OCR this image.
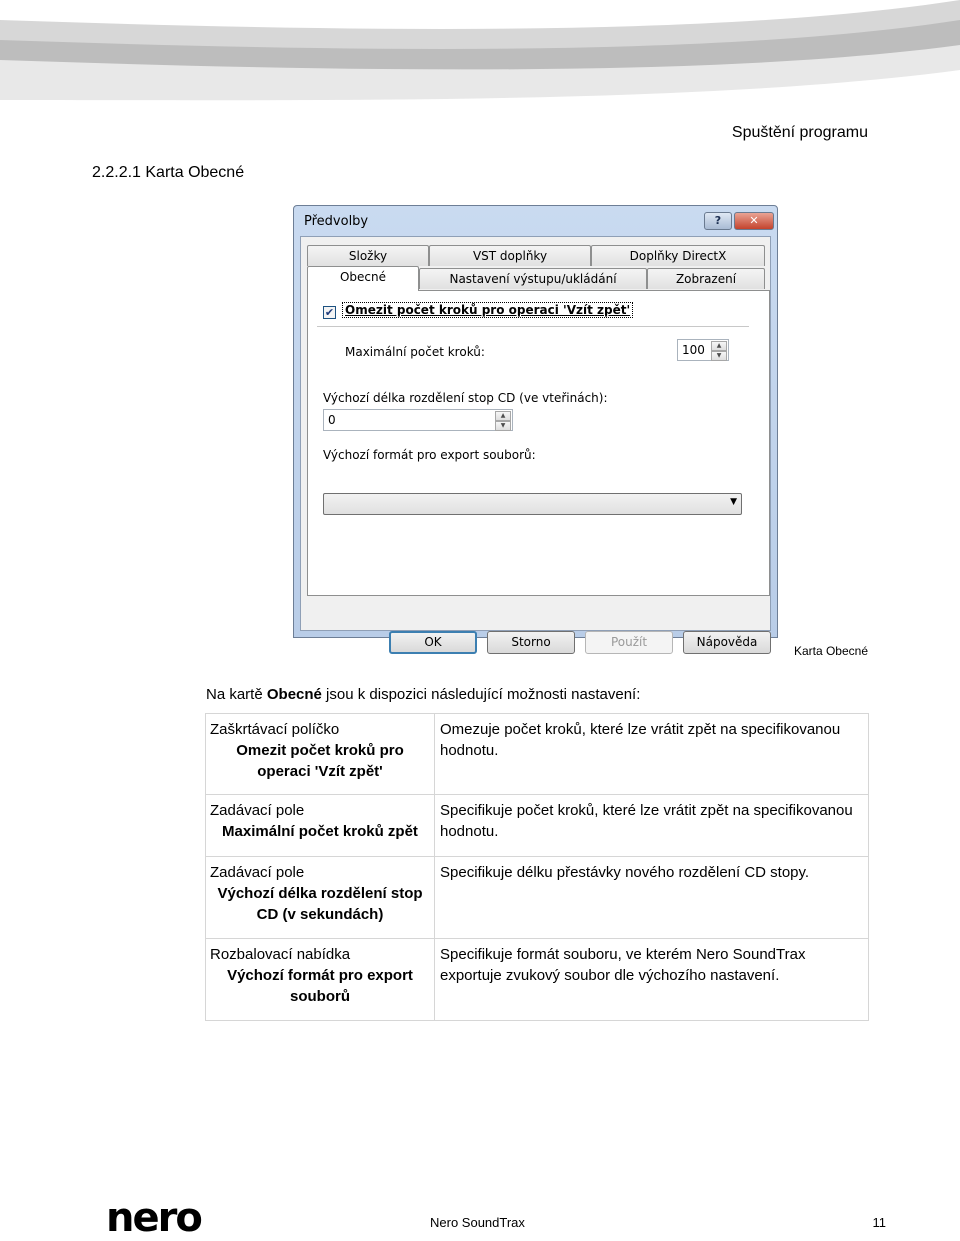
Spuštění programu
2.2.2.1 Karta Obecné
Předvolby	?	✕
Složky	VST doplňky	Doplňky DirectX
Obecné	Nastavení výstupu/ukládání	Zobrazení
✔ Omezit počet kroků pro operaci 'Vzít zpět'
Maximální počet kroků:	100	▲
▼
Výchozí délka rozdělení stop CD (ve vteřinách):
0	▲
▼
Výchozí formát pro export souborů:
▼
OK	Storno	Použít	Nápověda
Karta Obecné
Na kartě Obecné jsou k dispozici následující možnosti nastavení:
Zaškrtávací políčko
Omezit počet kroků pro operaci 'Vzít zpět'	Omezuje počet kroků, které lze vrátit zpět na specifikovanou hodnotu.
Zadávací pole
Maximální počet kroků zpět	Specifikuje počet kroků, které lze vrátit zpět na specifikovanou hodnotu.
Zadávací pole
Výchozí délka rozdělení stop CD (v sekundách)	Specifikuje délku přestávky nového rozdělení CD stopy.
Rozbalovací nabídka
Výchozí formát pro export souborů	Specifikuje formát souboru, ve kterém Nero SoundTrax exportuje zvukový soubor dle výchozího nastavení.
nero	Nero SoundTrax	11
